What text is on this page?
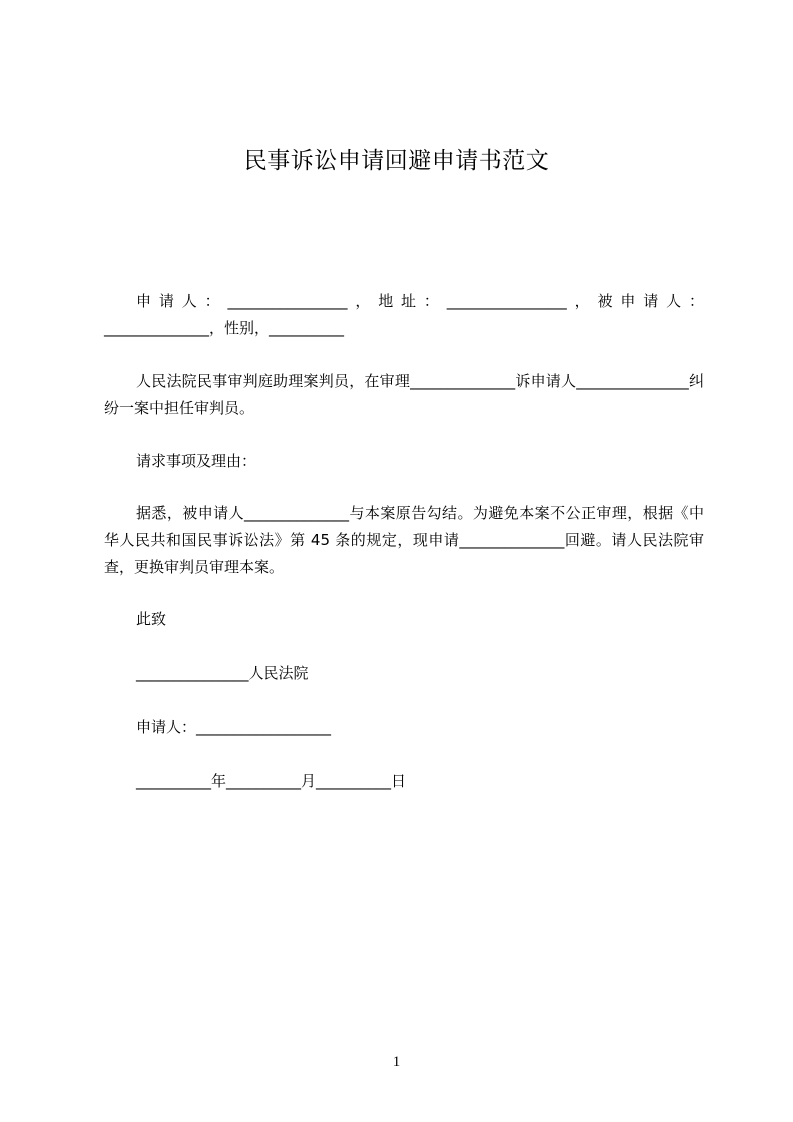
民事诉讼申请回避申请书范文
申请人：________________，地址：________________，被申请人：______________，性别，__________
人民法院民事审判庭助理案判员，在审理______________诉申请人_______________纠纷一案中担任审判员。
请求事项及理由：
据悉，被申请人______________与本案原告勾结。为避免本案不公正审理，根据《中华人民共和国民事诉讼法》第 45 条的规定，现申请______________回避。请人民法院审查，更换审判员审理本案。
此致
_______________人民法院
申请人：__________________
__________年__________月__________日
1
